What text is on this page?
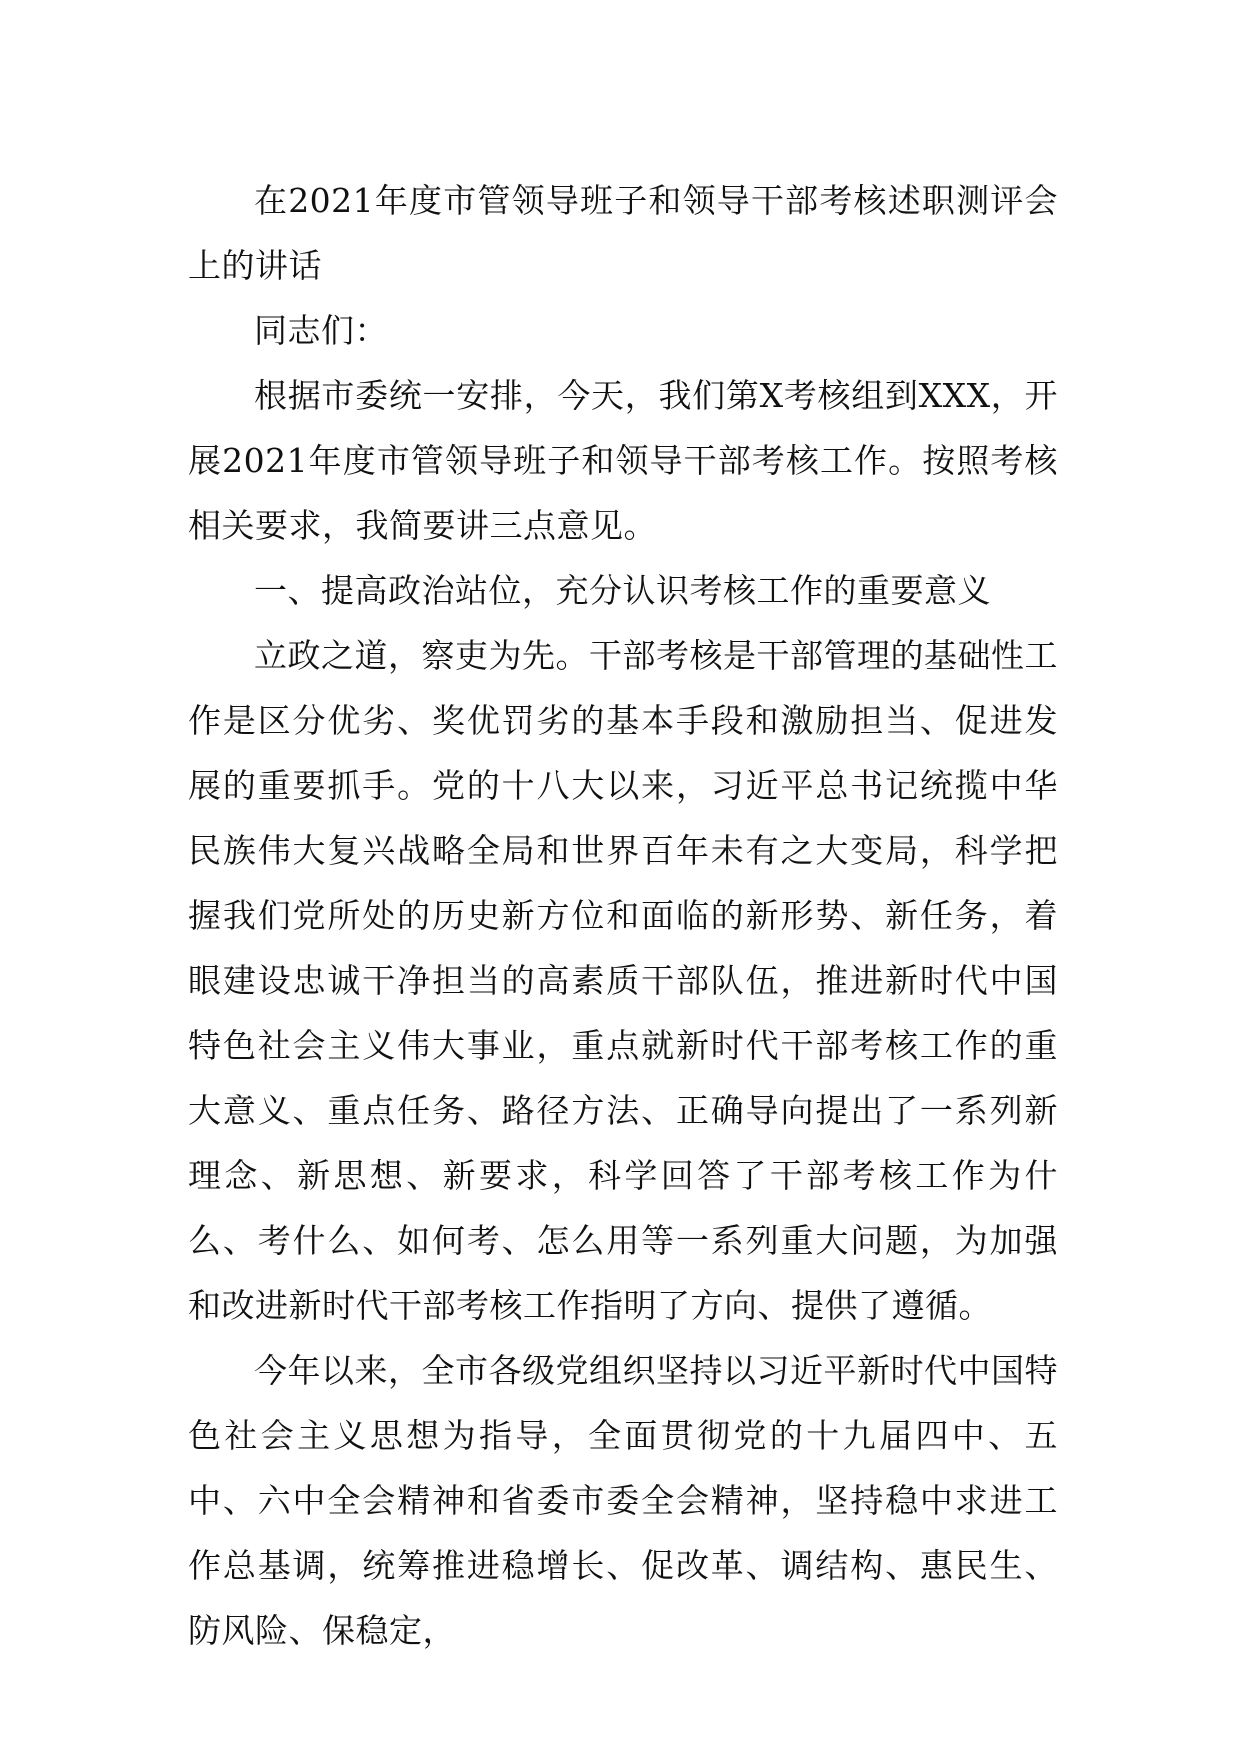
在2021年度市管领导班子和领导干部考核述职测评会上的讲话

同志们：

根据市委统一安排，今天，我们第X考核组到XXX，开展2021年度市管领导班子和领导干部考核工作。按照考核相关要求，我简要讲三点意见。

一、提高政治站位，充分认识考核工作的重要意义

立政之道，察吏为先。干部考核是干部管理的基础性工作是区分优劣、奖优罚劣的基本手段和激励担当、促进发展的重要抓手。党的十八大以来，习近平总书记统揽中华民族伟大复兴战略全局和世界百年未有之大变局，科学把握我们党所处的历史新方位和面临的新形势、新任务，着眼建设忠诚干净担当的高素质干部队伍，推进新时代中国特色社会主义伟大事业，重点就新时代干部考核工作的重大意义、重点任务、路径方法、正确导向提出了一系列新理念、新思想、新要求，科学回答了干部考核工作为什么、考什么、如何考、怎么用等一系列重大问题，为加强和改进新时代干部考核工作指明了方向、提供了遵循。

今年以来，全市各级党组织坚持以习近平新时代中国特色社会主义思想为指导，全面贯彻党的十九届四中、五中、六中全会精神和省委市委全会精神，坚持稳中求进工作总基调，统筹推进稳增长、促改革、调结构、惠民生、防风险、保稳定，
